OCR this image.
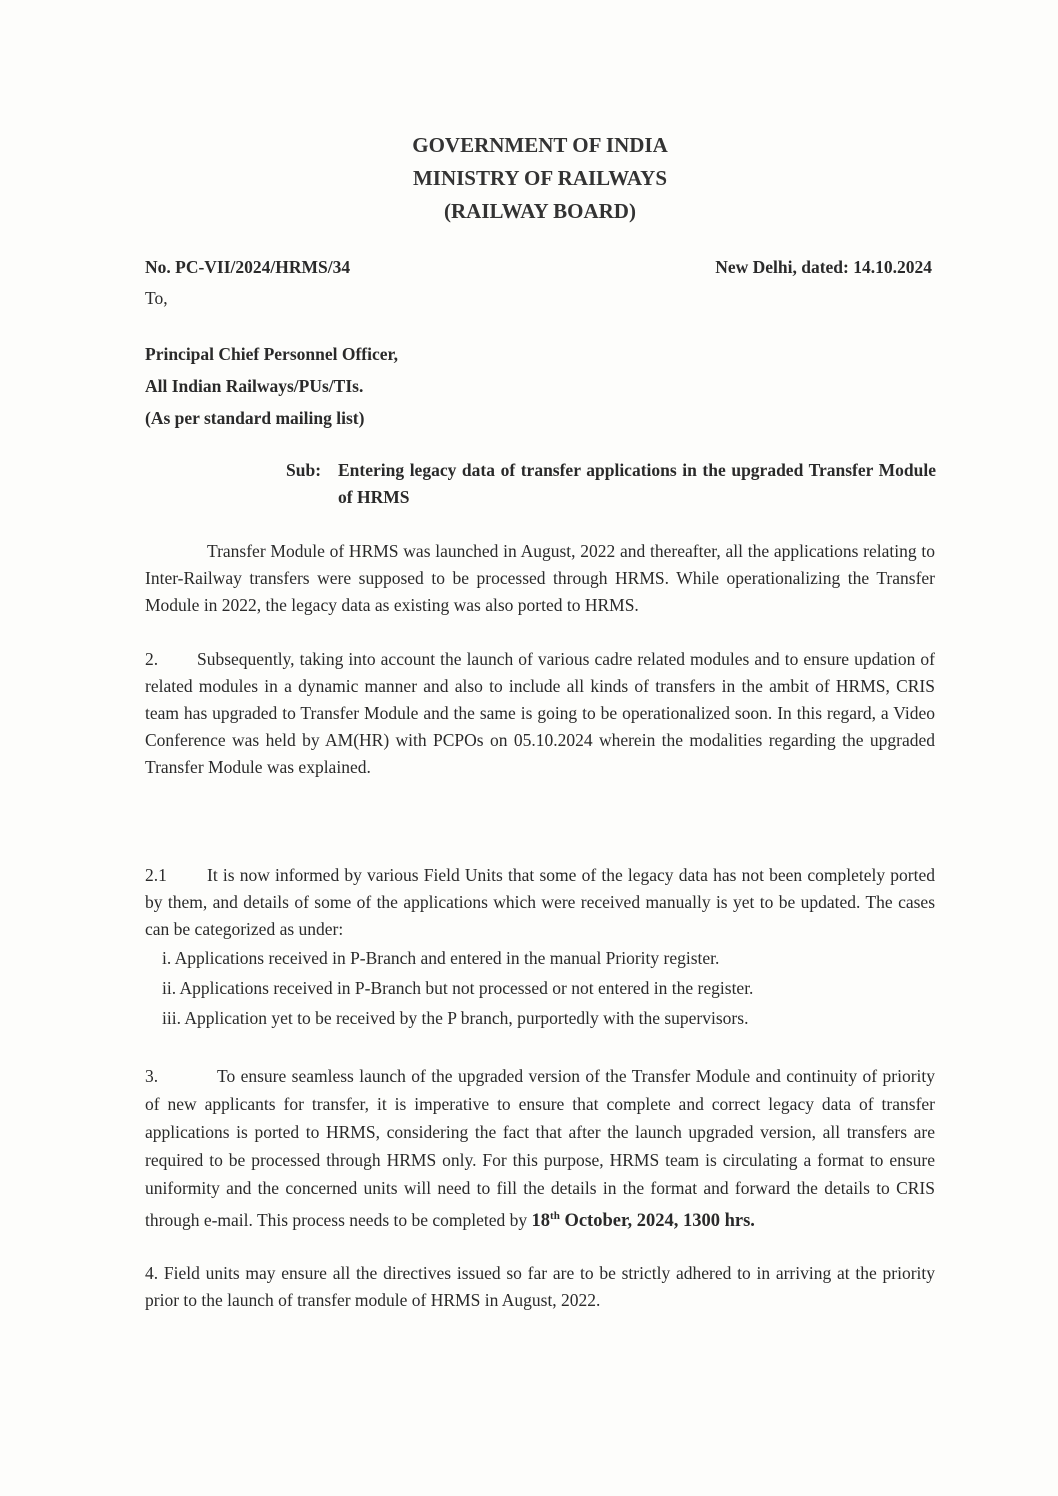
GOVERNMENT OF INDIA
MINISTRY OF RAILWAYS
(RAILWAY BOARD)
No. PC-VII/2024/HRMS/34	New Delhi, dated: 14.10.2024
To,
Principal Chief Personnel Officer,
All Indian Railways/PUs/TIs.
(As per standard mailing list)
Sub: Entering legacy data of transfer applications in the upgraded Transfer Module of HRMS
Transfer Module of HRMS was launched in August, 2022 and thereafter, all the applications relating to Inter-Railway transfers were supposed to be processed through HRMS. While operationalizing the Transfer Module in 2022, the legacy data as existing was also ported to HRMS.
2. Subsequently, taking into account the launch of various cadre related modules and to ensure updation of related modules in a dynamic manner and also to include all kinds of transfers in the ambit of HRMS, CRIS team has upgraded to Transfer Module and the same is going to be operationalized soon. In this regard, a Video Conference was held by AM(HR) with PCPOs on 05.10.2024 wherein the modalities regarding the upgraded Transfer Module was explained.
2.1 It is now informed by various Field Units that some of the legacy data has not been completely ported by them, and details of some of the applications which were received manually is yet to be updated. The cases can be categorized as under:
i. Applications received in P-Branch and entered in the manual Priority register.
ii. Applications received in P-Branch but not processed or not entered in the register.
iii. Application yet to be received by the P branch, purportedly with the supervisors.
3.	To ensure seamless launch of the upgraded version of the Transfer Module and continuity of priority of new applicants for transfer, it is imperative to ensure that complete and correct legacy data of transfer applications is ported to HRMS, considering the fact that after the launch upgraded version, all transfers are required to be processed through HRMS only. For this purpose, HRMS team is circulating a format to ensure uniformity and the concerned units will need to fill the details in the format and forward the details to CRIS through e-mail. This process needs to be completed by 18th October, 2024, 1300 hrs.
4. Field units may ensure all the directives issued so far are to be strictly adhered to in arriving at the priority prior to the launch of transfer module of HRMS in August, 2022.
